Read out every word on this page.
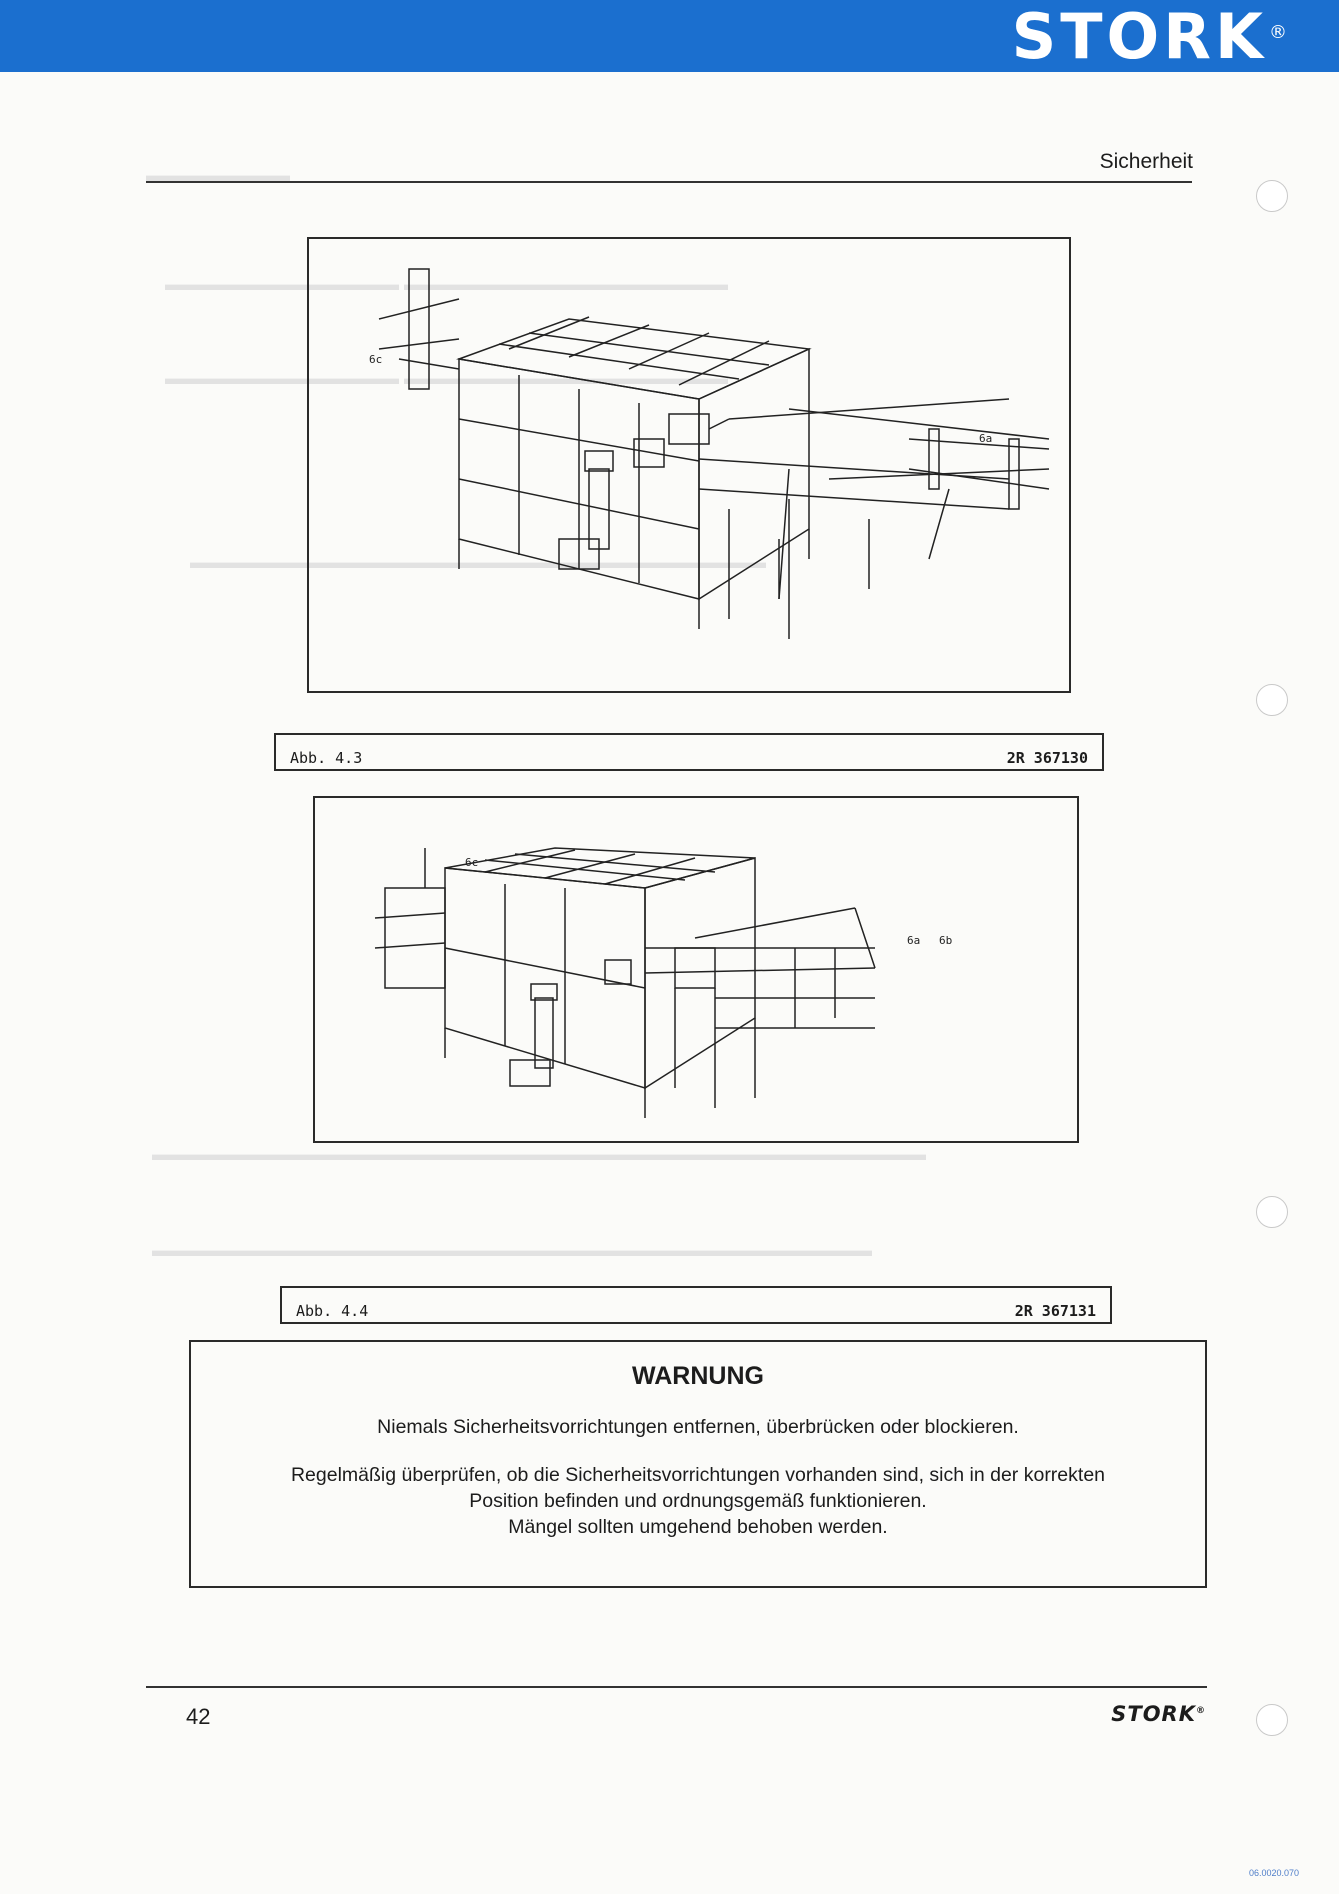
STORK ®
Sicherheit
▬▬▬▬▬▬▬▬
▬▬▬▬▬▬▬▬▬▬▬▬▬ ▬▬▬▬▬▬▬▬▬▬▬▬▬▬▬▬▬▬
▬▬▬▬▬▬▬▬▬▬▬▬▬ ▬▬▬▬▬▬▬▬▬▬▬▬▬▬▬▬▬▬
▬▬▬▬▬▬▬▬▬▬▬▬▬▬▬▬▬▬▬▬▬▬▬▬▬▬▬▬▬▬▬▬
▬▬▬▬▬▬▬▬▬▬▬▬▬▬▬▬▬▬▬▬▬▬▬▬▬▬▬▬▬▬▬▬▬▬▬▬▬▬▬▬▬▬▬
▬▬▬▬▬▬▬▬▬▬▬▬▬▬▬▬▬▬▬▬▬▬▬▬▬▬▬▬▬▬▬▬▬▬▬▬▬▬▬▬
6c
6a
Abb. 4.3	2R 367130
6c
6a 6b
Abb. 4.4	2R 367131
WARNUNG
Niemals Sicherheitsvorrichtungen entfernen, überbrücken oder blockieren.
Regelmäßig überprüfen, ob die Sicherheitsvorrichtungen vorhanden sind, sich in der korrekten
Position befinden und ordnungsgemäß funktionieren.
Mängel sollten umgehend behoben werden.
42	STORK®
06.0020.070
